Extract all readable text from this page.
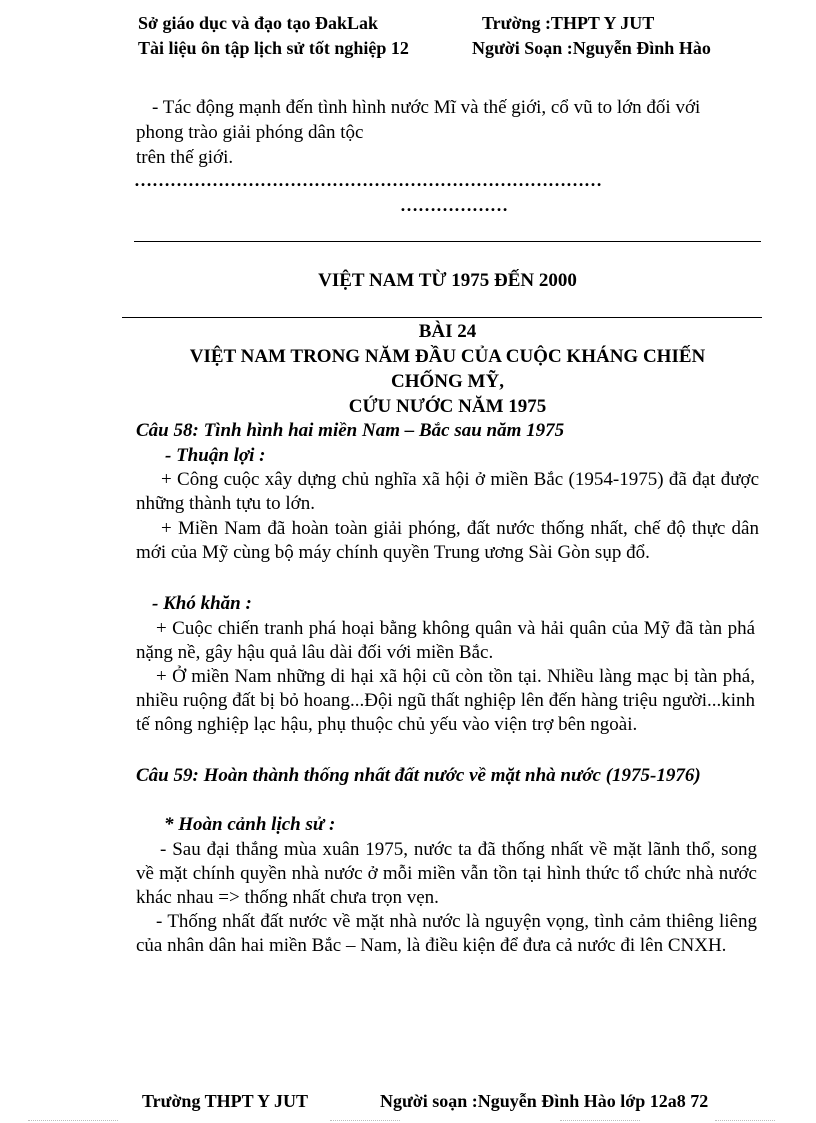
Sở giáo dục và đạo tạo ĐakLak	Trường :THPT Y JUT
Tài liệu ôn tập lịch sử tốt nghiệp 12	Người Soạn :Nguyễn Đình Hào
- Tác động mạnh đến tình hình nước Mĩ và thế giới, cổ vũ to lớn đối với
phong trào giải phóng dân tộc
trên thế giới.
……………………………………………………………………
………………
VIỆT NAM TỪ 1975 ĐẾN 2000
BÀI 24
VIỆT NAM TRONG NĂM ĐẦU CỦA CUỘC KHÁNG CHIẾN
CHỐNG MỸ,
CỨU NƯỚC NĂM 1975
Câu 58: Tình hình hai miền Nam – Bắc sau năm 1975
- Thuận lợi :
+ Công cuộc xây dựng chủ nghĩa xã hội ở miền Bắc (1954-1975) đã đạt được những thành tựu to lớn.
+ Miền Nam đã hoàn toàn giải phóng, đất nước thống nhất, chế độ thực dân mới của Mỹ cùng bộ máy chính quyền Trung ương Sài Gòn sụp đổ.
- Khó khăn :
+ Cuộc chiến tranh phá hoại bằng không quân và hải quân của Mỹ đã tàn phá nặng nề, gây hậu quả lâu dài đối với miền Bắc.
+ Ở miền Nam những di hại xã hội cũ còn tồn tại. Nhiều làng mạc bị tàn phá, nhiều ruộng đất bị bỏ hoang...Đội ngũ thất nghiệp lên đến hàng triệu người...kinh tế nông nghiệp lạc hậu, phụ thuộc chủ yếu vào viện trợ bên ngoài.
Câu 59: Hoàn thành thống nhất đất nước về mặt nhà nước (1975-1976)
* Hoàn cảnh lịch sử :
- Sau đại thắng mùa xuân 1975, nước ta đã thống nhất về mặt lãnh thổ, song về mặt chính quyền nhà nước ở mỗi miền vẫn tồn tại hình thức tổ chức nhà nước khác nhau => thống nhất chưa trọn vẹn.
- Thống nhất đất nước về mặt nhà nước là nguyện vọng, tình cảm thiêng liêng của nhân dân hai miền Bắc – Nam, là điều kiện để đưa cả nước đi lên CNXH.
Trường THPT Y JUT	Người soạn :Nguyễn Đình Hào lớp 12a8 72
